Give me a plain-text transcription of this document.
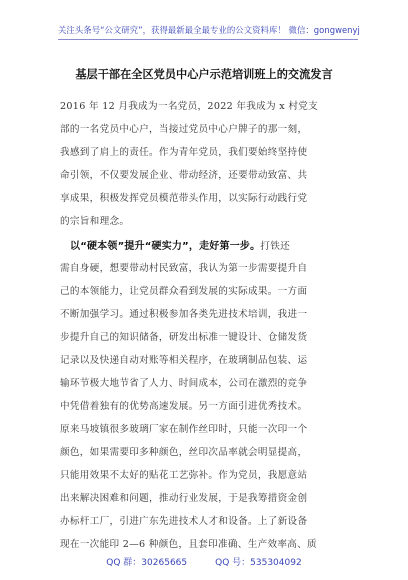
关注头条号“公文研究”，获得最新最全最专业的公文资料库！ 微信：gongwenyj
基层干部在全区党员中心户示范培训班上的交流发言
2016 年 12 月我成为一名党员，2022 年我成为 x 村党支
部的一名党员中心户，当接过党员中心户牌子的那一刻，
我感到了肩上的责任。作为青年党员，我们要始终坚持使
命引领，不仅要发展企业、带动经济，还要带动致富、共
享成果，积极发挥党员模范带头作用，以实际行动践行党
的宗旨和理念。
以“硬本领”提升“硬实力”，走好第一步。打铁还
需自身硬，想要带动村民致富，我认为第一步需要提升自
己的本领能力，让党员群众看到发展的实际成果。一方面
不断加强学习。通过积极参加各类先进技术培训，我进一
步提升自己的知识储备，研发出标准一键设计、仓储发货
记录以及快递自动对账等相关程序，在玻璃制品包装、运
输环节极大地节省了人力、时间成本，公司在激烈的竞争
中凭借着独有的优势高速发展。另一方面引进优秀技术。
原来马坡镇很多玻璃厂家在制作丝印时，只能一次印一个
颜色，如果需要印多种颜色，丝印次品率就会明显提高，
只能用效果不太好的贴花工艺弥补。作为党员，我愿意站
出来解决困难和问题，推动行业发展，于是我筹措资金创
办标杆工厂，引进广东先进技术人才和设备。上了新设备
现在一次能印 2—6 种颜色，且套印准确、生产效率高、质
QQ 群：30265665	QQ 号：535304092
